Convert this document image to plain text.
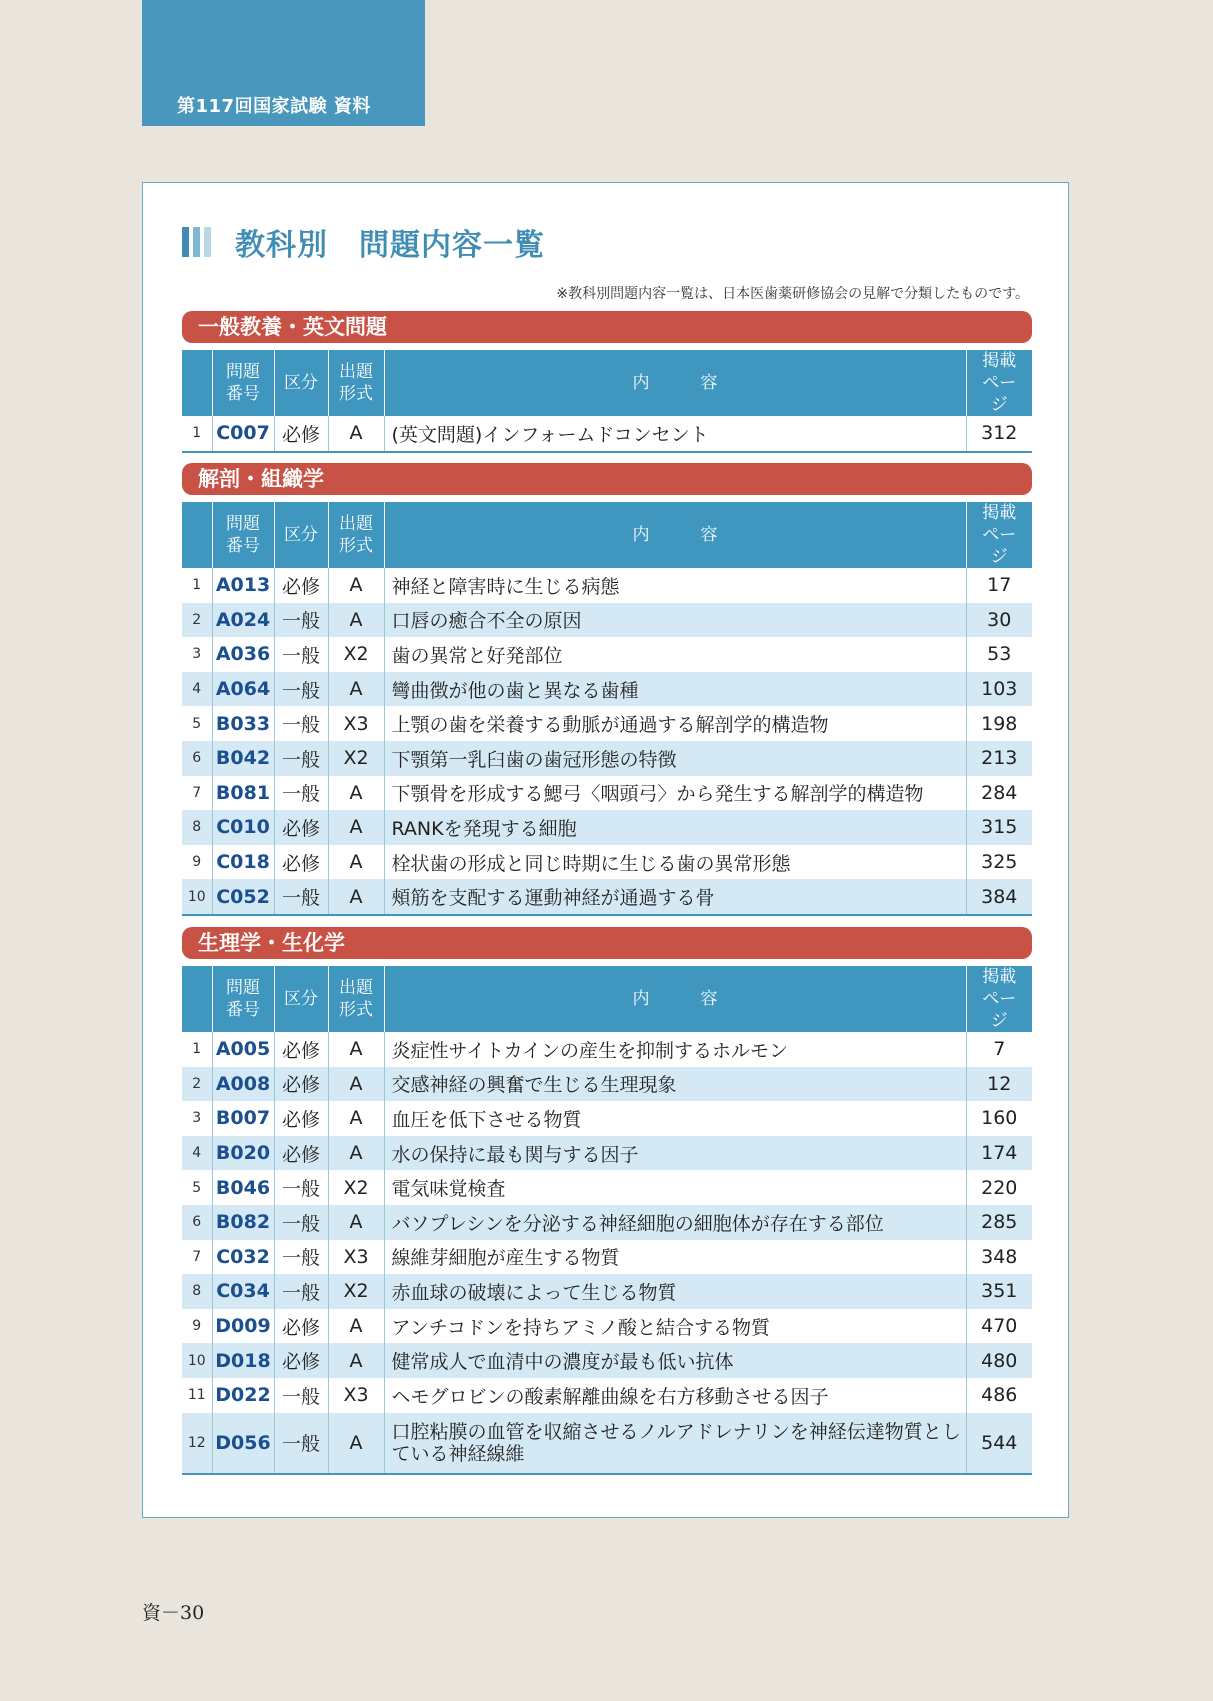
第117回国家試験 資料
教科別　問題内容一覧
※教科別問題内容一覧は、日本医歯薬研修協会の見解で分類したものです。
一般教養・英文問題
	問題番号	区分	出題形式	内　　　容	掲載ページ
1	C007	必修	A	(英文問題)インフォームドコンセント	312
解剖・組織学
	問題番号	区分	出題形式	内　　　容	掲載ページ
1	A013	必修	A	神経と障害時に生じる病態	17
2	A024	一般	A	口唇の癒合不全の原因	30
3	A036	一般	X2	歯の異常と好発部位	53
4	A064	一般	A	彎曲徴が他の歯と異なる歯種	103
5	B033	一般	X3	上顎の歯を栄養する動脈が通過する解剖学的構造物	198
6	B042	一般	X2	下顎第一乳臼歯の歯冠形態の特徴	213
7	B081	一般	A	下顎骨を形成する鰓弓〈咽頭弓〉から発生する解剖学的構造物	284
8	C010	必修	A	RANKを発現する細胞	315
9	C018	必修	A	栓状歯の形成と同じ時期に生じる歯の異常形態	325
10	C052	一般	A	頰筋を支配する運動神経が通過する骨	384
生理学・生化学
	問題番号	区分	出題形式	内　　　容	掲載ページ
1	A005	必修	A	炎症性サイトカインの産生を抑制するホルモン	7
2	A008	必修	A	交感神経の興奮で生じる生理現象	12
3	B007	必修	A	血圧を低下させる物質	160
4	B020	必修	A	水の保持に最も関与する因子	174
5	B046	一般	X2	電気味覚検査	220
6	B082	一般	A	バソプレシンを分泌する神経細胞の細胞体が存在する部位	285
7	C032	一般	X3	線維芽細胞が産生する物質	348
8	C034	一般	X2	赤血球の破壊によって生じる物質	351
9	D009	必修	A	アンチコドンを持ちアミノ酸と結合する物質	470
10	D018	必修	A	健常成人で血清中の濃度が最も低い抗体	480
11	D022	一般	X3	ヘモグロビンの酸素解離曲線を右方移動させる因子	486
12	D056	一般	A	口腔粘膜の血管を収縮させるノルアドレナリンを神経伝達物質としている神経線維	544
資－30
